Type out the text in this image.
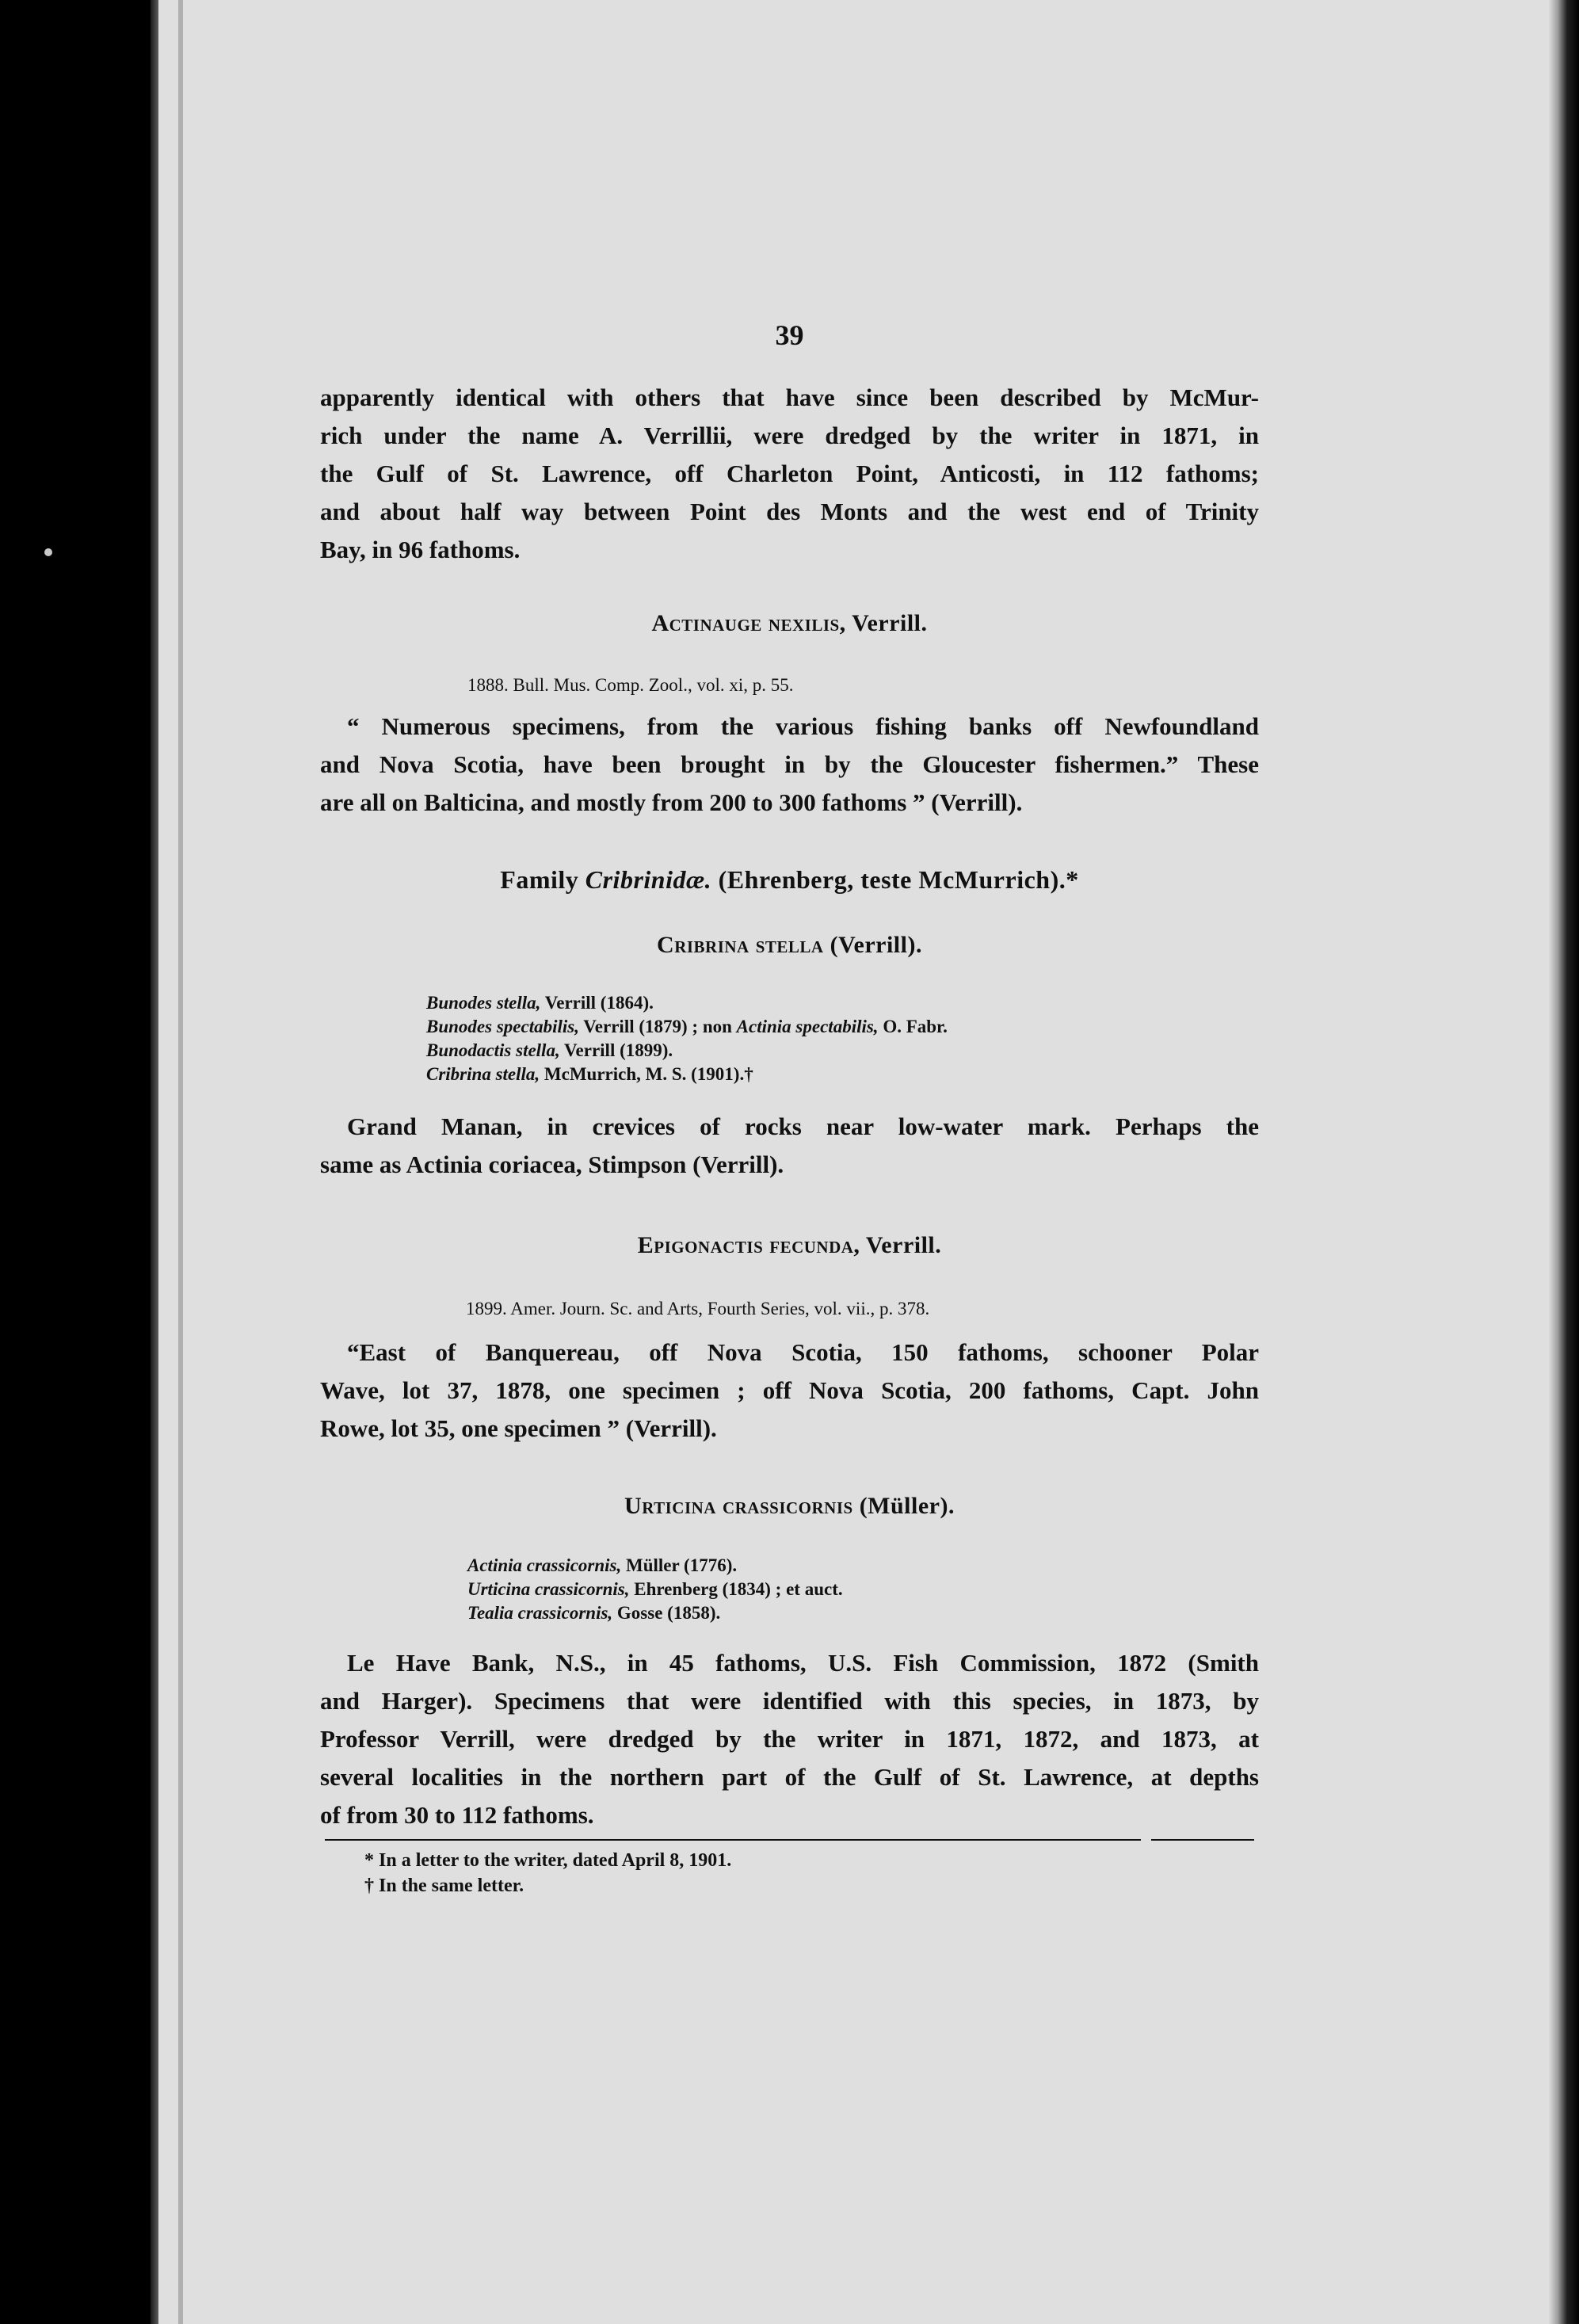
39

apparently identical with others that have since been described by McMur-
rich under the name A. Verrillii, were dredged by the writer in 1871, in
the Gulf of St. Lawrence, off Charleton Point, Anticosti, in 112 fathoms;
and about half way between Point des Monts and the west end of Trinity
Bay, in 96 fathoms.

Actinauge nexilis, Verrill.
1888. Bull. Mus. Comp. Zool., vol. xi, p. 55.

“ Numerous specimens, from the various fishing banks off Newfoundland
and Nova Scotia, have been brought in by the Gloucester fishermen.” These
are all on Balticina, and mostly from 200 to 300 fathoms ” (Verrill).

Family Cribrinidæ. (Ehrenberg, teste McMurrich).*
Cribrina stella (Verrill).
Bunodes stella, Verrill (1864).
Bunodes spectabilis, Verrill (1879) ; non Actinia spectabilis, O. Fabr.
Bunodactis stella, Verrill (1899).
Cribrina stella, McMurrich, M. S. (1901).†

Grand Manan, in crevices of rocks near low-water mark. Perhaps the
same as Actinia coriacea, Stimpson (Verrill).

Epigonactis fecunda, Verrill.
1899. Amer. Journ. Sc. and Arts, Fourth Series, vol. vii., p. 378.

“East of Banquereau, off Nova Scotia, 150 fathoms, schooner Polar
Wave, lot 37, 1878, one specimen ; off Nova Scotia, 200 fathoms, Capt. John
Rowe, lot 35, one specimen ” (Verrill).

Urticina crassicornis (Müller).
Actinia crassicornis, Müller (1776).
Urticina crassicornis, Ehrenberg (1834) ; et auct.
Tealia crassicornis, Gosse (1858).

Le Have Bank, N.S., in 45 fathoms, U.S. Fish Commission, 1872 (Smith
and Harger). Specimens that were identified with this species, in 1873, by
Professor Verrill, were dredged by the writer in 1871, 1872, and 1873, at
several localities in the northern part of the Gulf of St. Lawrence, at depths
of from 30 to 112 fathoms.

* In a letter to the writer, dated April 8, 1901.
† In the same letter.
